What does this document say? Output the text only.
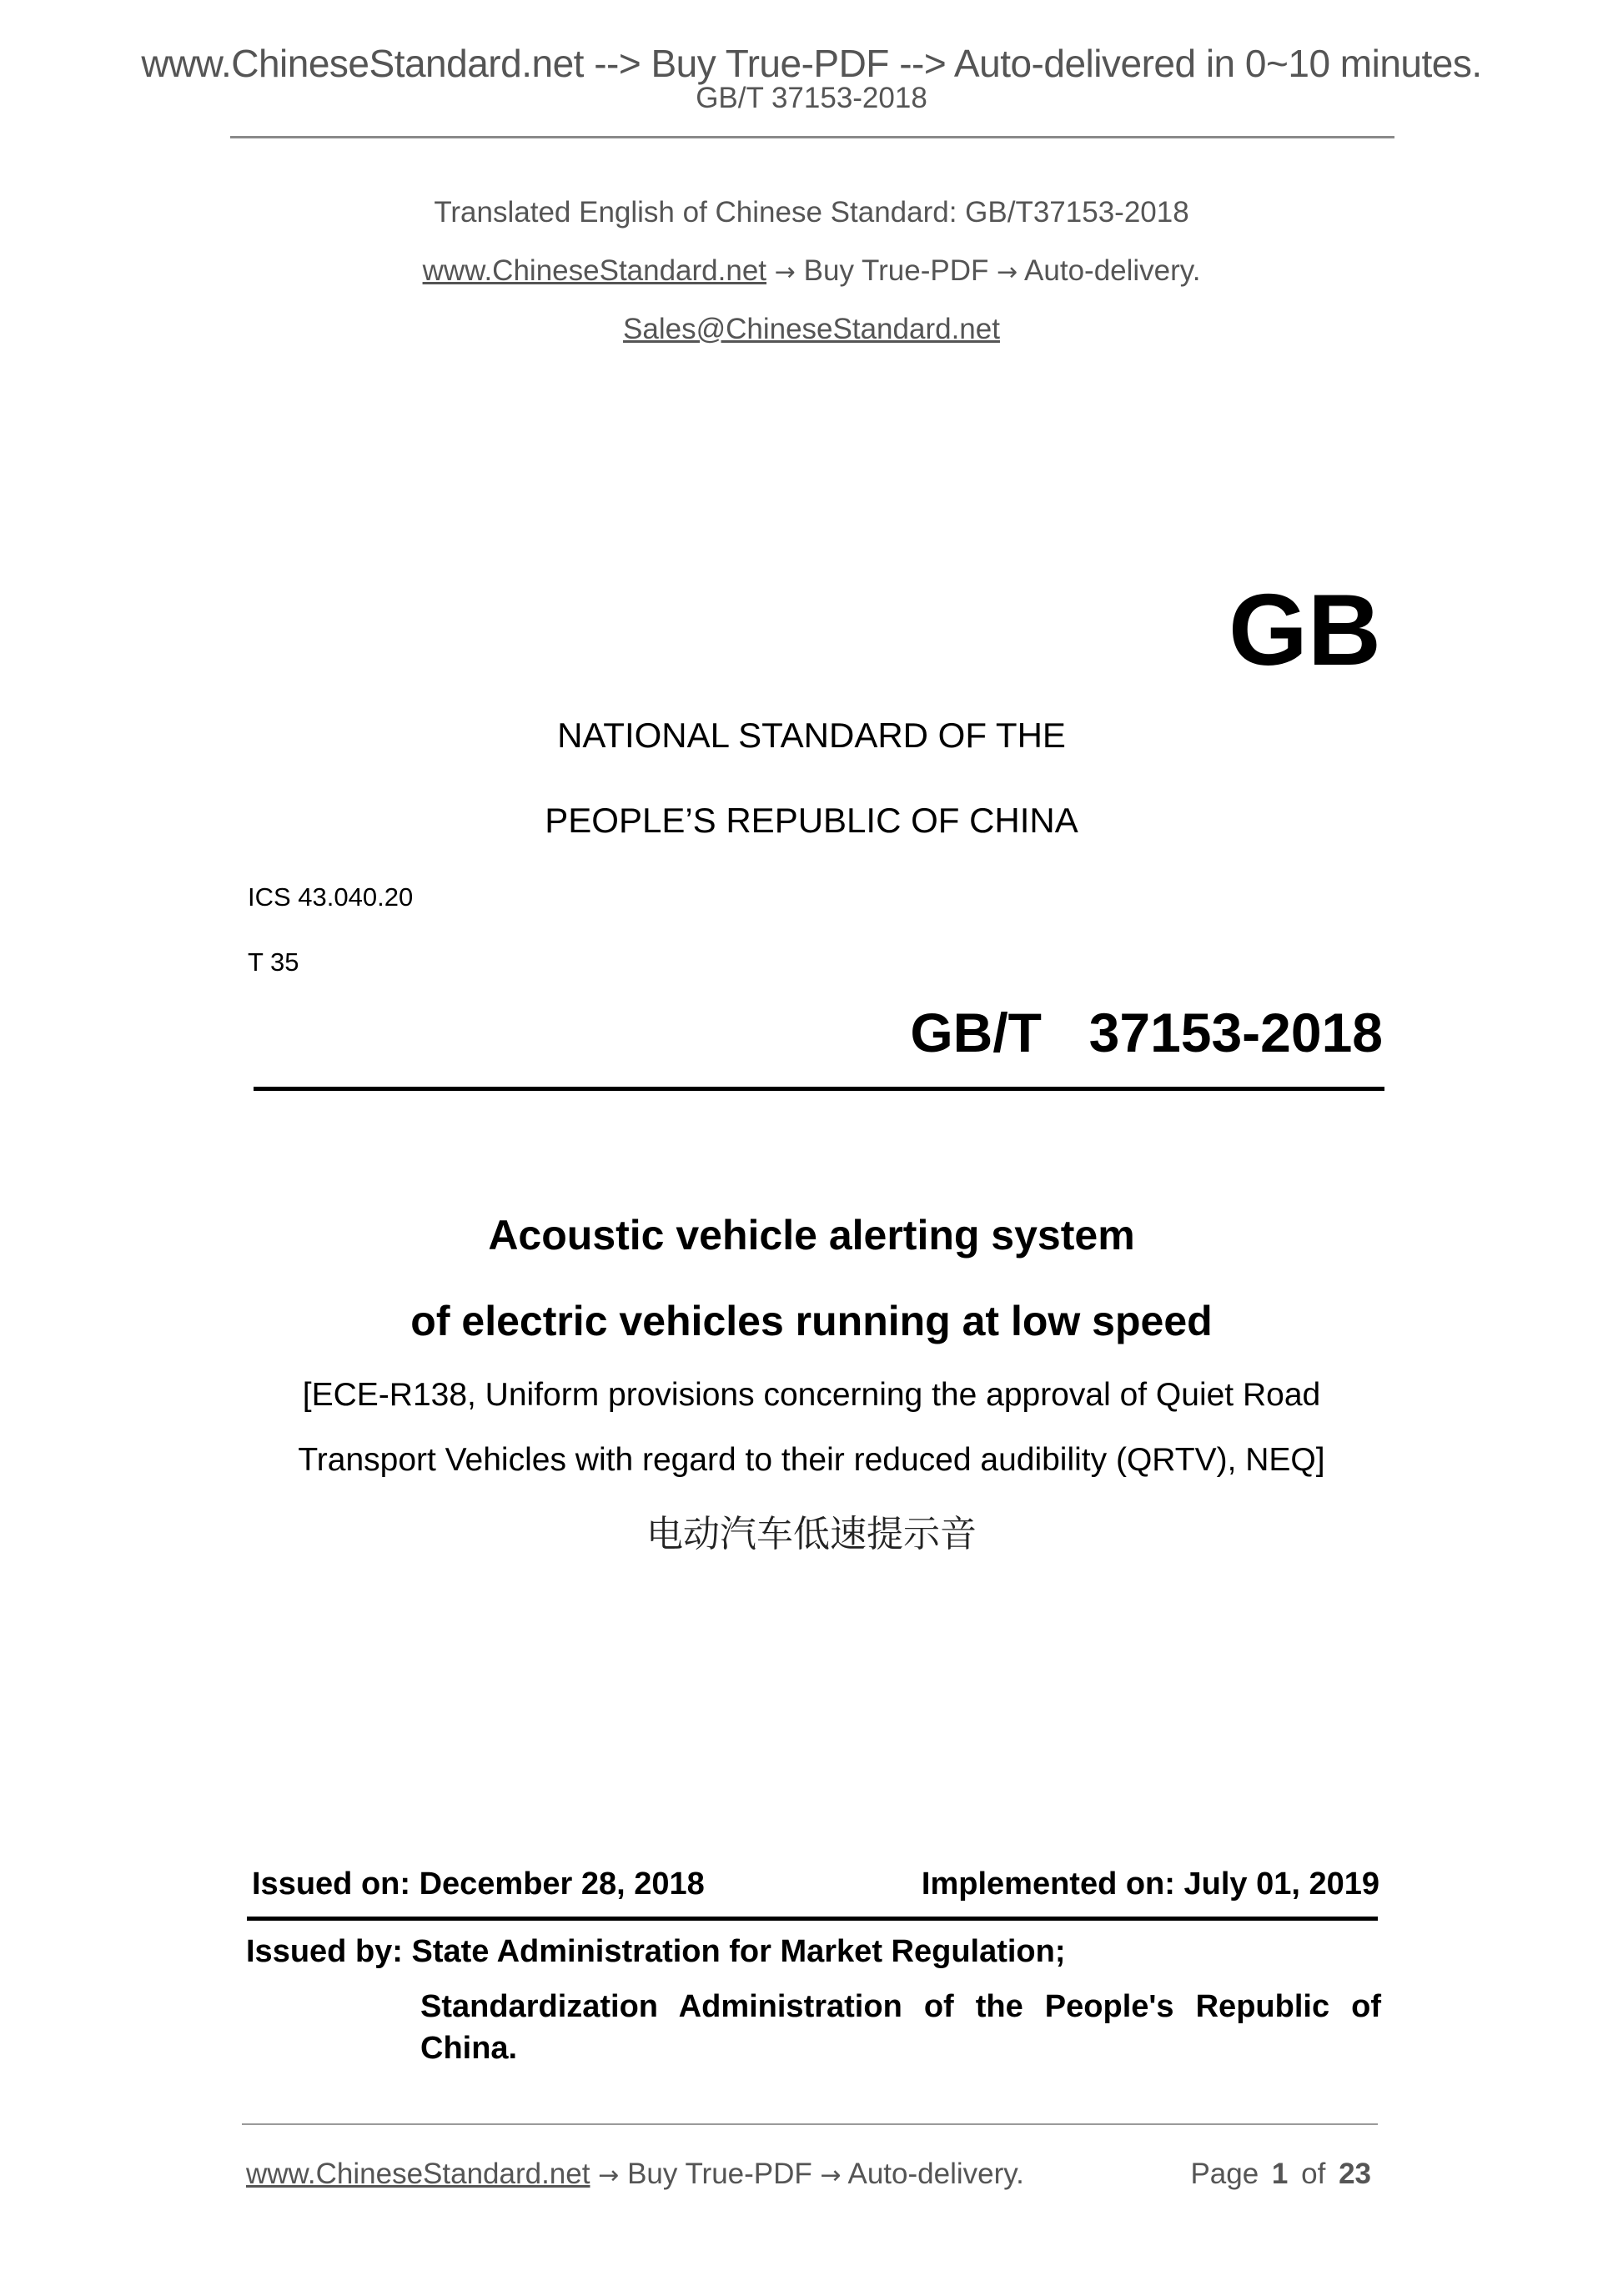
www.ChineseStandard.net --> Buy True-PDF --> Auto-delivered in 0~10 minutes.
GB/T 37153-2018
Translated English of Chinese Standard: GB/T37153-2018
www.ChineseStandard.net → Buy True-PDF → Auto-delivery.
Sales@ChineseStandard.net
GB
NATIONAL STANDARD OF THE
PEOPLE’S REPUBLIC OF CHINA
ICS 43.040.20
T 35
GB/T  37153-2018
Acoustic vehicle alerting system
of electric vehicles running at low speed
[ECE-R138, Uniform provisions concerning the approval of Quiet Road
Transport Vehicles with regard to their reduced audibility (QRTV), NEQ]
电动汽车低速提示音
Issued on: December 28, 2018	Implemented on: July 01, 2019
Issued by: State Administration for Market Regulation;
Standardization Administration of the People's Republic of
China.
www.ChineseStandard.net → Buy True-PDF → Auto-delivery.	Page 1 of 23
